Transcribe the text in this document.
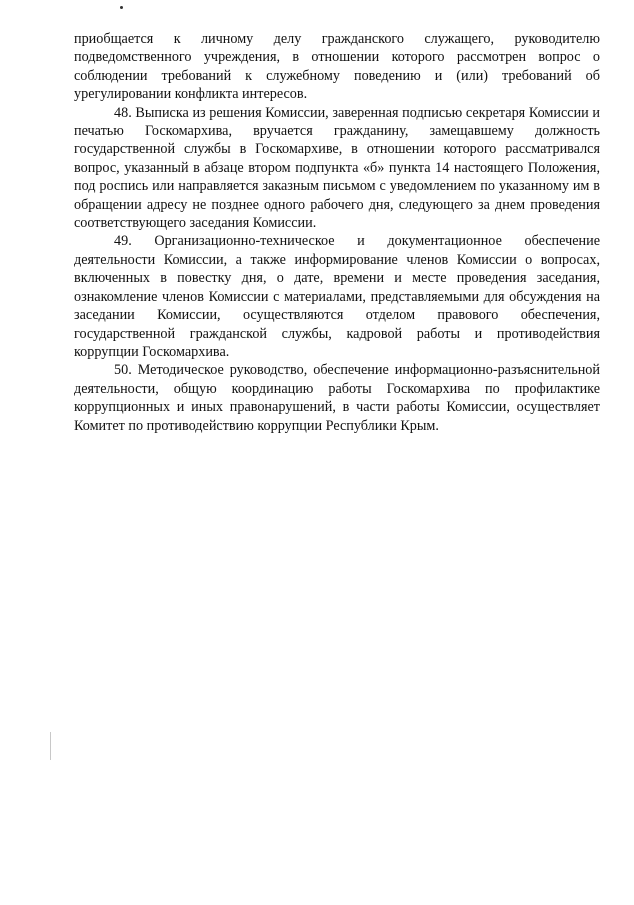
приобщается к личному делу гражданского служащего, руководителю подведомственного учреждения, в отношении которого рассмотрен вопрос о соблюдении требований к служебному поведению и (или) требований об урегулировании конфликта интересов.

48. Выписка из решения Комиссии, заверенная подписью секретаря Комиссии и печатью Госкомархива, вручается гражданину, замещавшему должность государственной службы в Госкомархиве, в отношении которого рассматривался вопрос, указанный в абзаце втором подпункта «б» пункта 14 настоящего Положения, под роспись или направляется заказным письмом с уведомлением по указанному им в обращении адресу не позднее одного рабочего дня, следующего за днем проведения соответствующего заседания Комиссии.

49. Организационно-техническое и документационное обеспечение деятельности Комиссии, а также информирование членов Комиссии о вопросах, включенных в повестку дня, о дате, времени и месте проведения заседания, ознакомление членов Комиссии с материалами, представляемыми для обсуждения на заседании Комиссии, осуществляются отделом правового обеспечения, государственной гражданской службы, кадровой работы и противодействия коррупции Госкомархива.

50. Методическое руководство, обеспечение информационно-разъяснительной деятельности, общую координацию работы Госкомархива по профилактике коррупционных и иных правонарушений, в части работы Комиссии, осуществляет Комитет по противодействию коррупции Республики Крым.
